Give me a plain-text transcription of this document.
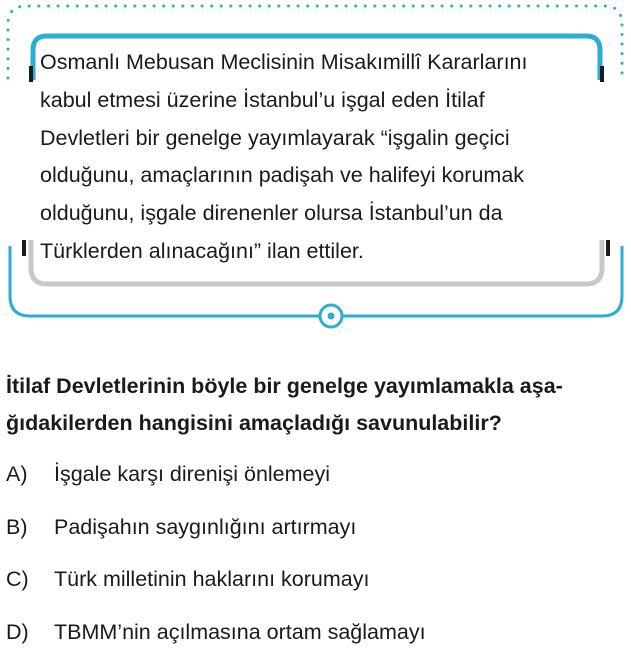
Osmanlı Mebusan Meclisinin Misakımillî Kararlarını
kabul etmesi üzerine İstanbul’u işgal eden İtilaf
Devletleri bir genelge yayımlayarak “işgalin geçici
olduğunu, amaçlarının padişah ve halifeyi korumak
olduğunu, işgale direnenler olursa İstanbul’un da
Türklerden alınacağını” ilan ettiler.
İtilaf Devletlerinin böyle bir genelge yayımlamakla aşa-
ğıdakilerden hangisini amaçladığı savunulabilir?
A)	İşgale karşı direnişi önlemeyi
B)	Padişahın saygınlığını artırmayı
C)	Türk milletinin haklarını korumayı
D)	TBMM’nin açılmasına ortam sağlamayı
